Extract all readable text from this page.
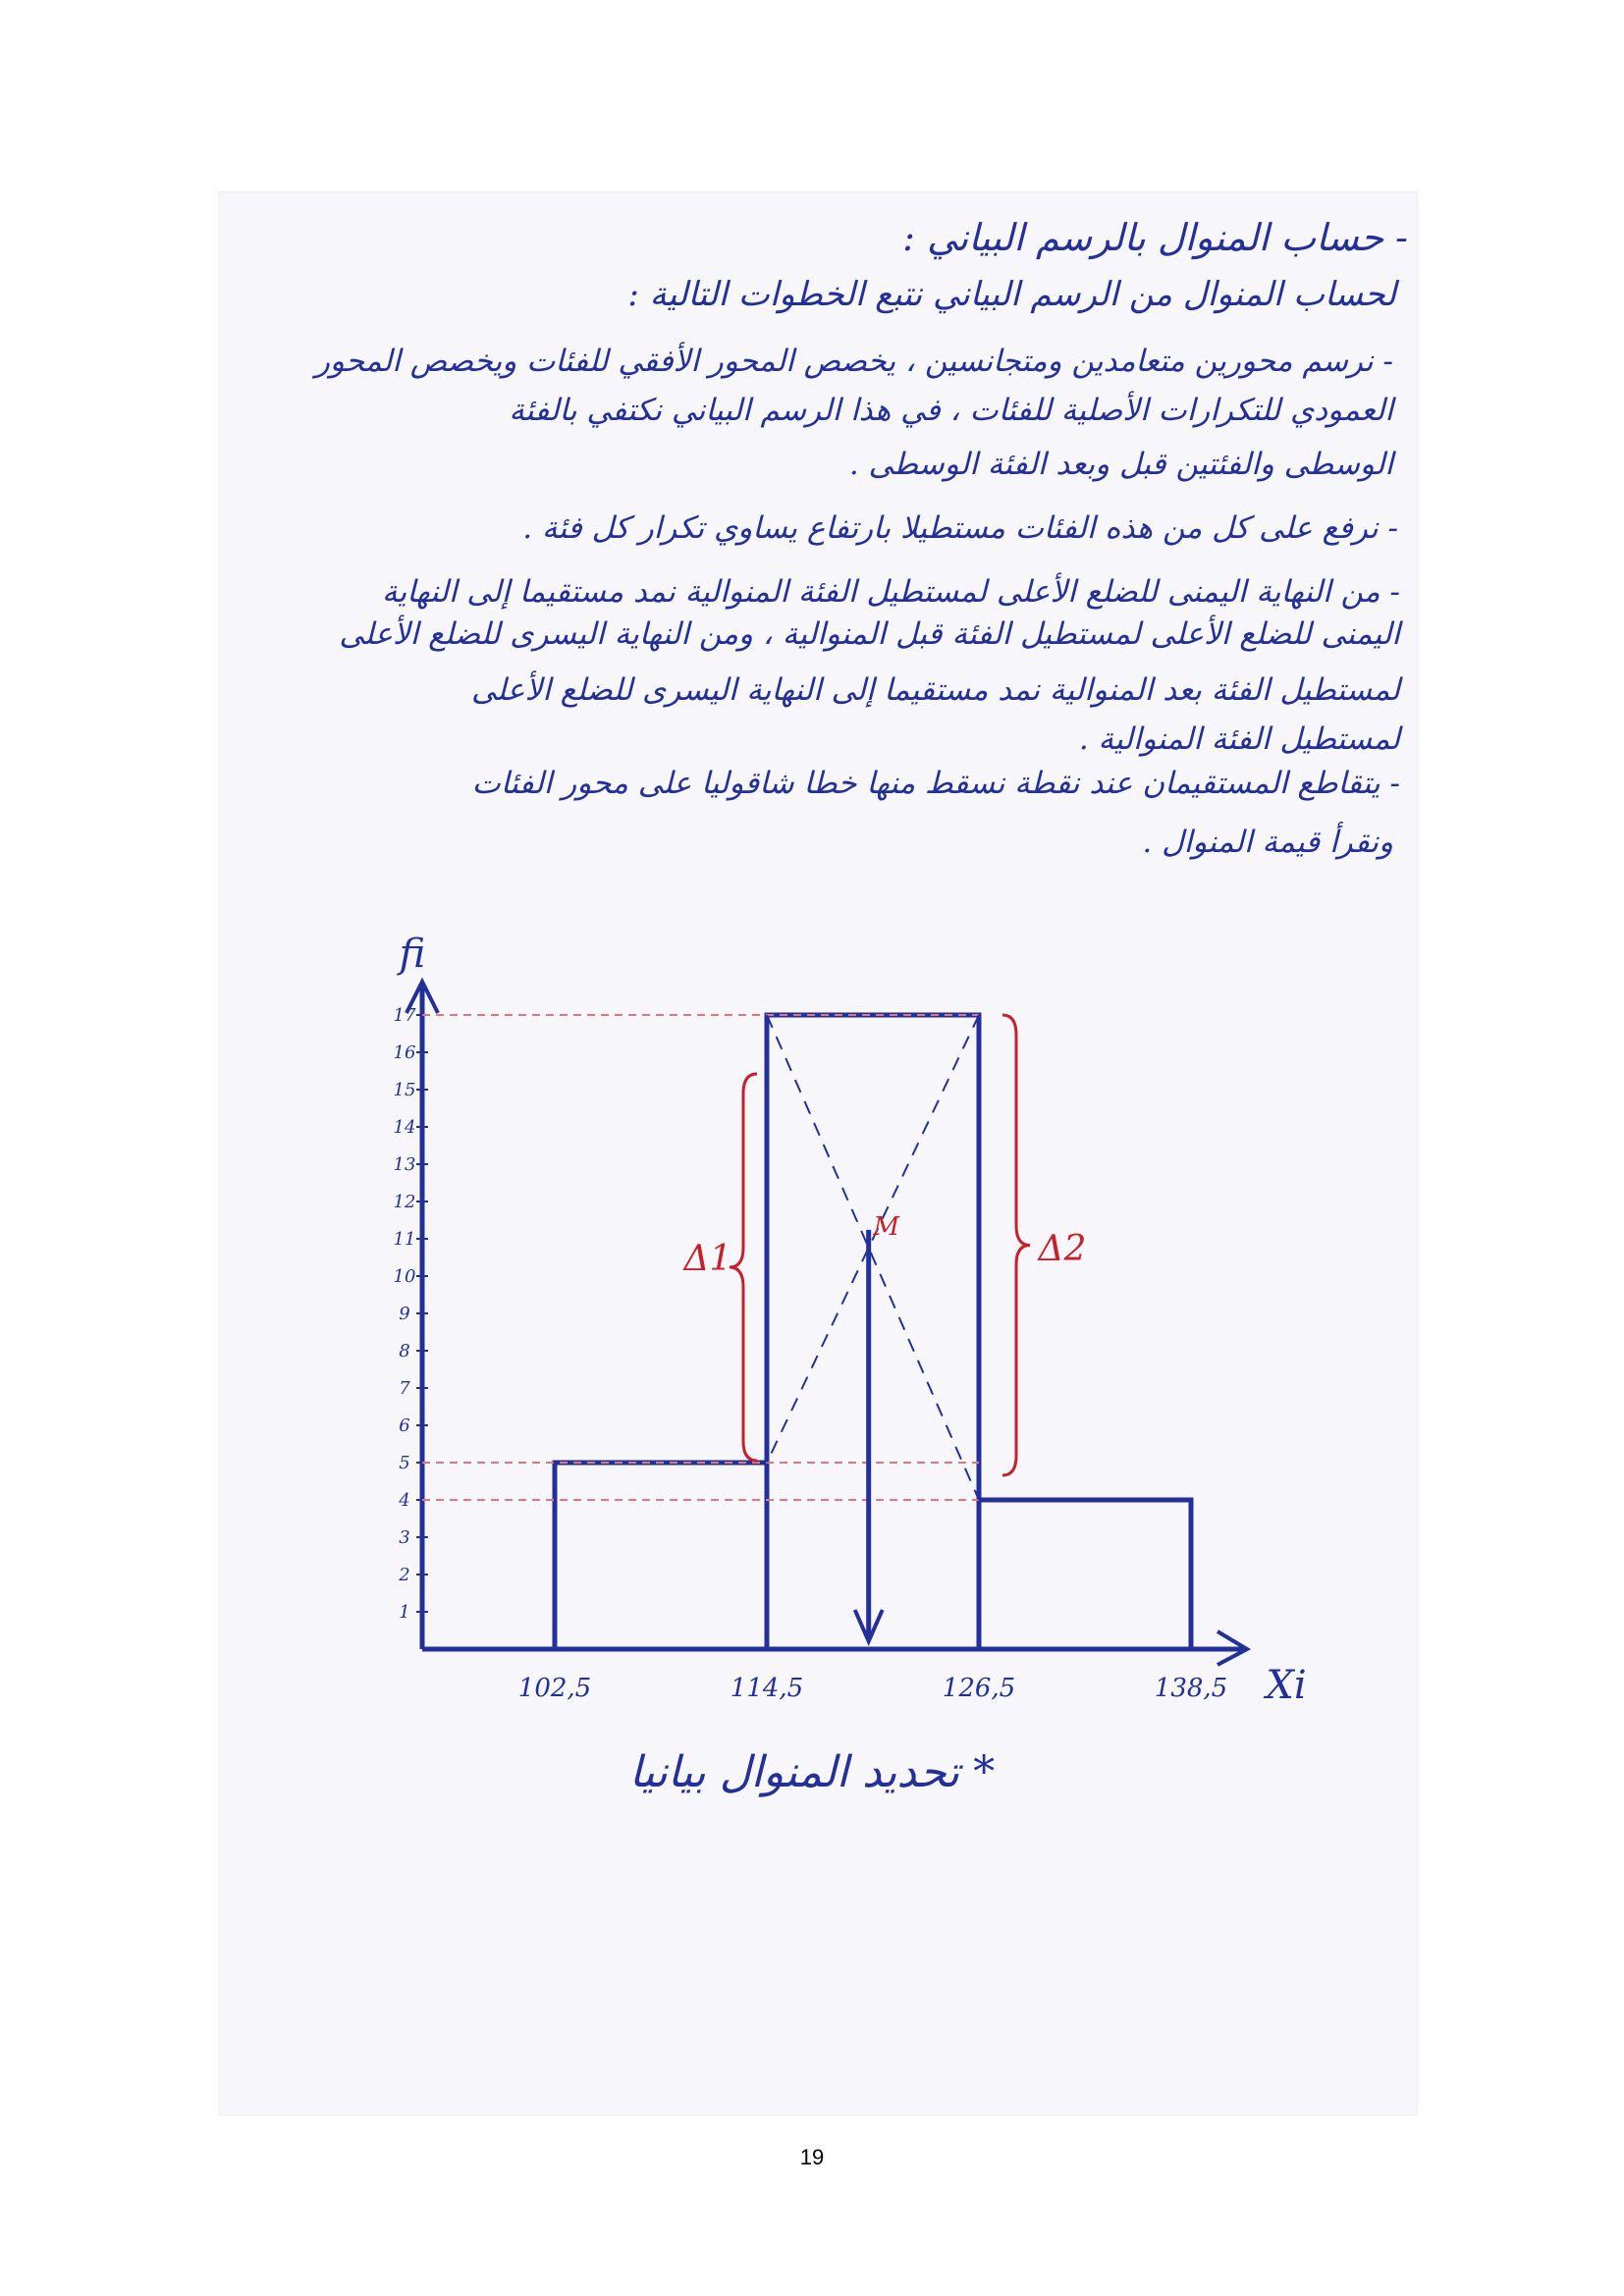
- حساب المنوال بالرسم البياني :
لحساب المنوال من الرسم البياني نتبع الخطوات التالية :
- نرسم محورين متعامدين ومتجانسين ، يخصص المحور الأفقي للفئات ويخصص المحور
العمودي للتكرارات الأصلية للفئات ، في هذا الرسم البياني نكتفي بالفئة
الوسطى والفئتين قبل وبعد الفئة الوسطى .
- نرفع على كل من هذه الفئات مستطيلا بارتفاع يساوي تكرار كل فئة .
- من النهاية اليمنى للضلع الأعلى لمستطيل الفئة المنوالية نمد مستقيما إلى النهاية
اليمنى للضلع الأعلى لمستطيل الفئة قبل المنوالية ، ومن النهاية اليسرى للضلع الأعلى
لمستطيل الفئة بعد المنوالية نمد مستقيما إلى النهاية اليسرى للضلع الأعلى
لمستطيل الفئة المنوالية .
- يتقاطع المستقيمان عند نقطة نسقط منها خطا شاقوليا على محور الفئات
ونقرأ قيمة المنوال .
fi
Xi
1
2
3
4
5
6
7
8
9
10
11
12
13
14
15
16
17
102,5	114,5	126,5	138,5
M
Δ1	Δ2
* تحديد المنوال بيانيا
19
